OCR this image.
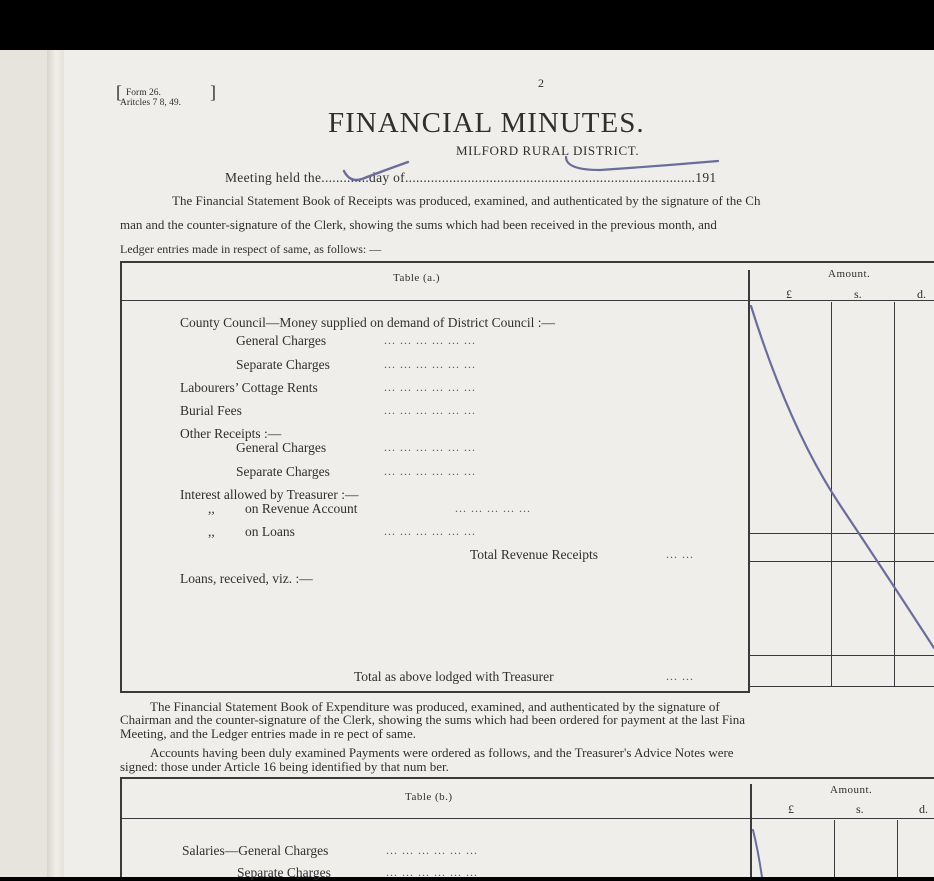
2
[ Form 26.
Aritcles 7 8, 49.
]
FINANCIAL MINUTES.
MILFORD RURAL DISTRICT.
Meeting held the.............day of...............................................................................191
The Financial Statement Book of Receipts was produced, examined, and authenticated by the signature of the Ch
man and the counter-signature of the Clerk, showing the sums which had been received in the previous month, and
Ledger entries made in respect of same, as follows: —
Table (a.)	Amount.
£	s.	d.
County Council—Money supplied on demand of District Council :—
General Charges	... ... ... ... ... ...
Separate Charges	... ... ... ... ... ...
Labourers’ Cottage Rents	... ... ... ... ... ...
Burial Fees	... ... ... ... ... ...
Other Receipts :—
General Charges	... ... ... ... ... ...
Separate Charges	... ... ... ... ... ...
Interest allowed by Treasurer :—
,, on Revenue Account	... ... ... ... ...
,, on Loans	... ... ... ... ... ...
Total Revenue Receipts	... ...
Loans, received, viz. :—
Total as above lodged with Treasurer	... ...
The Financial Statement Book of Expenditure was produced, examined, and authenticated by the signature of
Chairman and the counter-signature of the Clerk, showing the sums which had been ordered for payment at the last Fina
Meeting, and the Ledger entries made in re pect of same.
Accounts having been duly examined Payments were ordered as follows, and the Treasurer's Advice Notes were
signed: those under Article 16 being identified by that num ber.
Table (b.)
Amount.
£	s.	d.
Salaries—General Charges	... ... ... ... ... ...
Separate Charges	... ... ... ... ... ...
